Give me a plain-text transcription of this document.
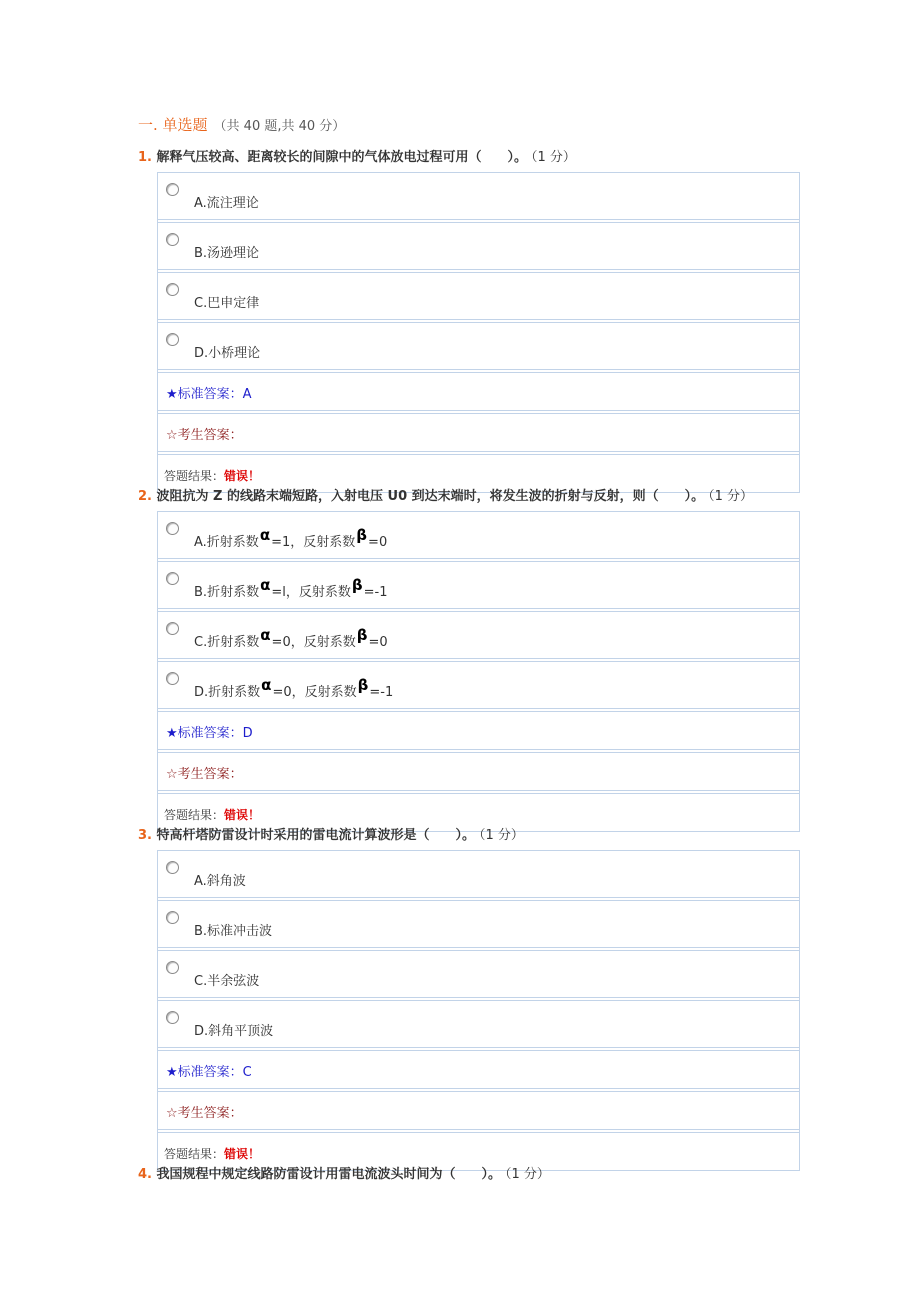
一. 单选题 （共 40 题,共 40 分）
1. 解释气压较高、距离较长的间隙中的气体放电过程可用（　　）。 （1 分）
A.流注理论
B.汤逊理论
C.巴申定律
D.小桥理论
★标准答案：A
☆考生答案：
答题结果：错误！
2. 波阻抗为 Z 的线路末端短路，入射电压 U0 到达末端时，将发生波的折射与反射，则（　　）。 （1 分）
A.折射系数α=1，反射系数β=0
B.折射系数α=l，反射系数β=-1
C.折射系数α=0，反射系数β=0
D.折射系数α=0，反射系数β=-1
★标准答案：D
☆考生答案：
答题结果：错误！
3. 特高杆塔防雷设计时采用的雷电流计算波形是（　　）。 （1 分）
A.斜角波
B.标准冲击波
C.半余弦波
D.斜角平顶波
★标准答案：C
☆考生答案：
答题结果：错误！
4. 我国规程中规定线路防雷设计用雷电流波头时间为（　　）。 （1 分）
